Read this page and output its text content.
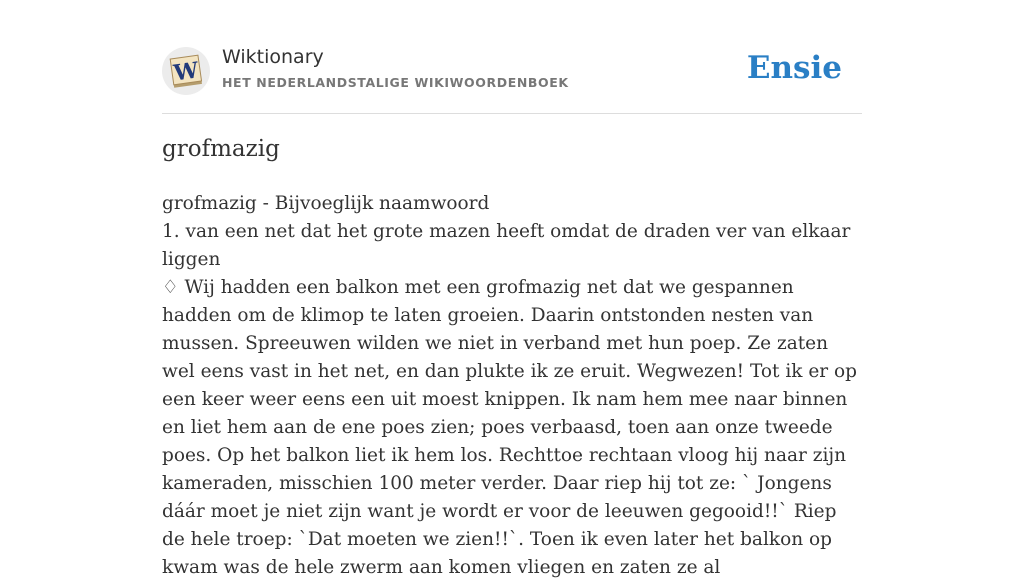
W
Wiktionary
HET NEDERLANDSTALIGE WIKIWOORDENBOEK	Ensie
grofmazig

grofmazig - Bijvoeglijk naamwoord

1. van een net dat het grote mazen heeft omdat de draden ver van elkaar liggen

♢ Wij hadden een balkon met een grofmazig net dat we gespannen hadden om de klimop te laten groeien. Daarin ontstonden nesten van mussen. Spreeuwen wilden we niet in verband met hun poep. Ze zaten wel eens vast in het net, en dan plukte ik ze eruit. Wegwezen! Tot ik er op een keer weer eens een uit moest knippen. Ik nam hem mee naar binnen en liet hem aan de ene poes zien; poes verbaasd, toen aan onze tweede poes. Op het balkon liet ik hem los. Rechttoe rechtaan vloog hij naar zijn kameraden, misschien 100 meter verder. Daar riep hij tot ze: ` Jongens dáár moet je niet zijn want je wordt er voor de leeuwen gegooid!!` Riep de hele troep: `Dat moeten we zien!!`. Toen ik even later het balkon op kwam was de hele zwerm aan komen vliegen en zaten ze al
